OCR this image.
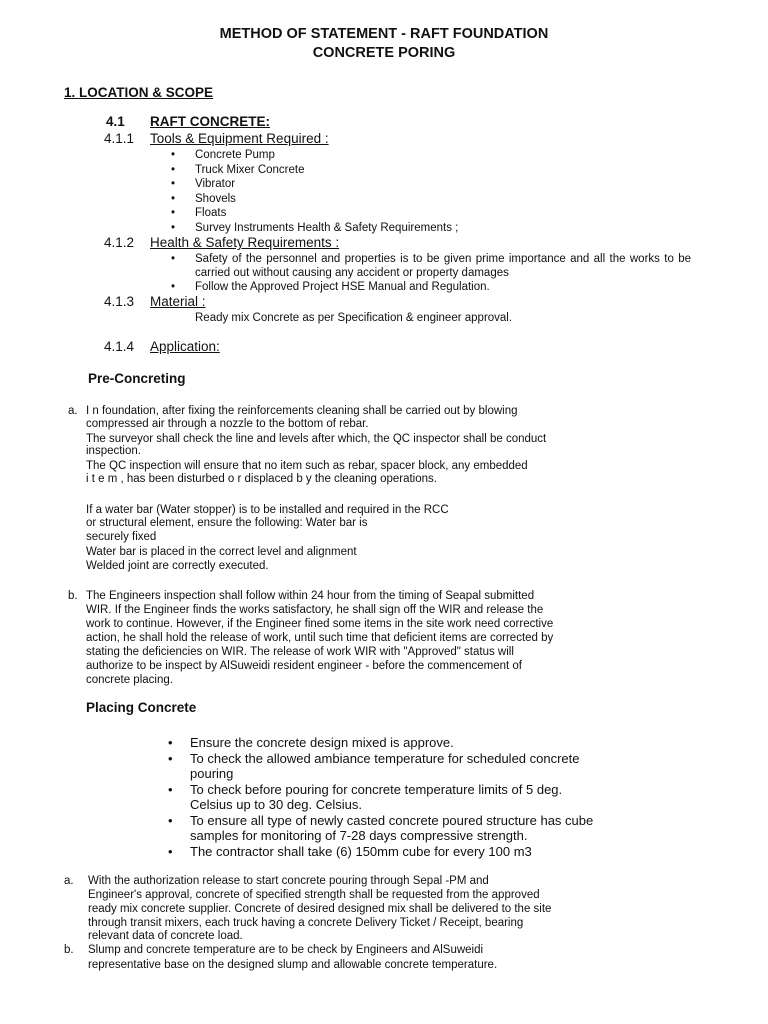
METHOD OF STATEMENT - RAFT FOUNDATION
CONCRETE PORING
1. LOCATION & SCOPE
4.1 RAFT CONCRETE:
4.1.1 Tools & Equipment Required :
• Concrete Pump
• Truck Mixer Concrete
• Vibrator
• Shovels
• Floats
• Survey Instruments Health & Safety Requirements ;
4.1.2 Health & Safety Requirements :
• Safety of the personnel and properties is to be given prime importance and all the works to be carried out without causing any accident or property damages
• Follow the Approved Project HSE Manual and Regulation.
4.1.3 Material :
Ready mix Concrete as per Specification & engineer approval.
4.1.4 Application:
Pre-Concreting
a. I n foundation, after fixing the reinforcements cleaning shall be carried out by blowing
compressed air through a nozzle to the bottom of rebar.
The surveyor shall check the line and levels after which, the QC inspector shall be conduct
inspection.
The QC inspection will ensure that no item such as rebar, spacer block, any embedded
i t e m , has been disturbed o r displaced b y the cleaning operations.
If a water bar (Water stopper) is to be installed and required in the RCC
or structural element, ensure the following: Water bar is
securely fixed
Water bar is placed in the correct level and alignment
Welded joint are correctly executed.
b. The Engineers inspection shall follow within 24 hour from the timing of Seapal submitted
WIR. If the Engineer finds the works satisfactory, he shall sign off the WIR and release the
work to continue. However, if the Engineer fined some items in the site work need corrective
action, he shall hold the release of work, until such time that deficient items are corrected by
stating the deficiencies on WIR. The release of work WIR with "Approved" status will
authorize to be inspect by AlSuweidi resident engineer - before the commencement of
concrete placing.
Placing Concrete
• Ensure the concrete design mixed is approve.
• To check the allowed ambiance temperature for scheduled concrete
pouring
• To check before pouring for concrete temperature limits of 5 deg.
Celsius up to 30 deg. Celsius.
• To ensure all type of newly casted concrete poured structure has cube
samples for monitoring of 7-28 days compressive strength.
• The contractor shall take (6) 150mm cube for every 100 m3
a. With the authorization release to start concrete pouring through Sepal -PM and
Engineer's approval, concrete of specified strength shall be requested from the approved
ready mix concrete supplier. Concrete of desired designed mix shall be delivered to the site
through transit mixers, each truck having a concrete Delivery Ticket / Receipt, bearing
relevant data of concrete load.
b. Slump and concrete temperature are to be check by Engineers and AlSuweidi
representative base on the designed slump and allowable concrete temperature.
